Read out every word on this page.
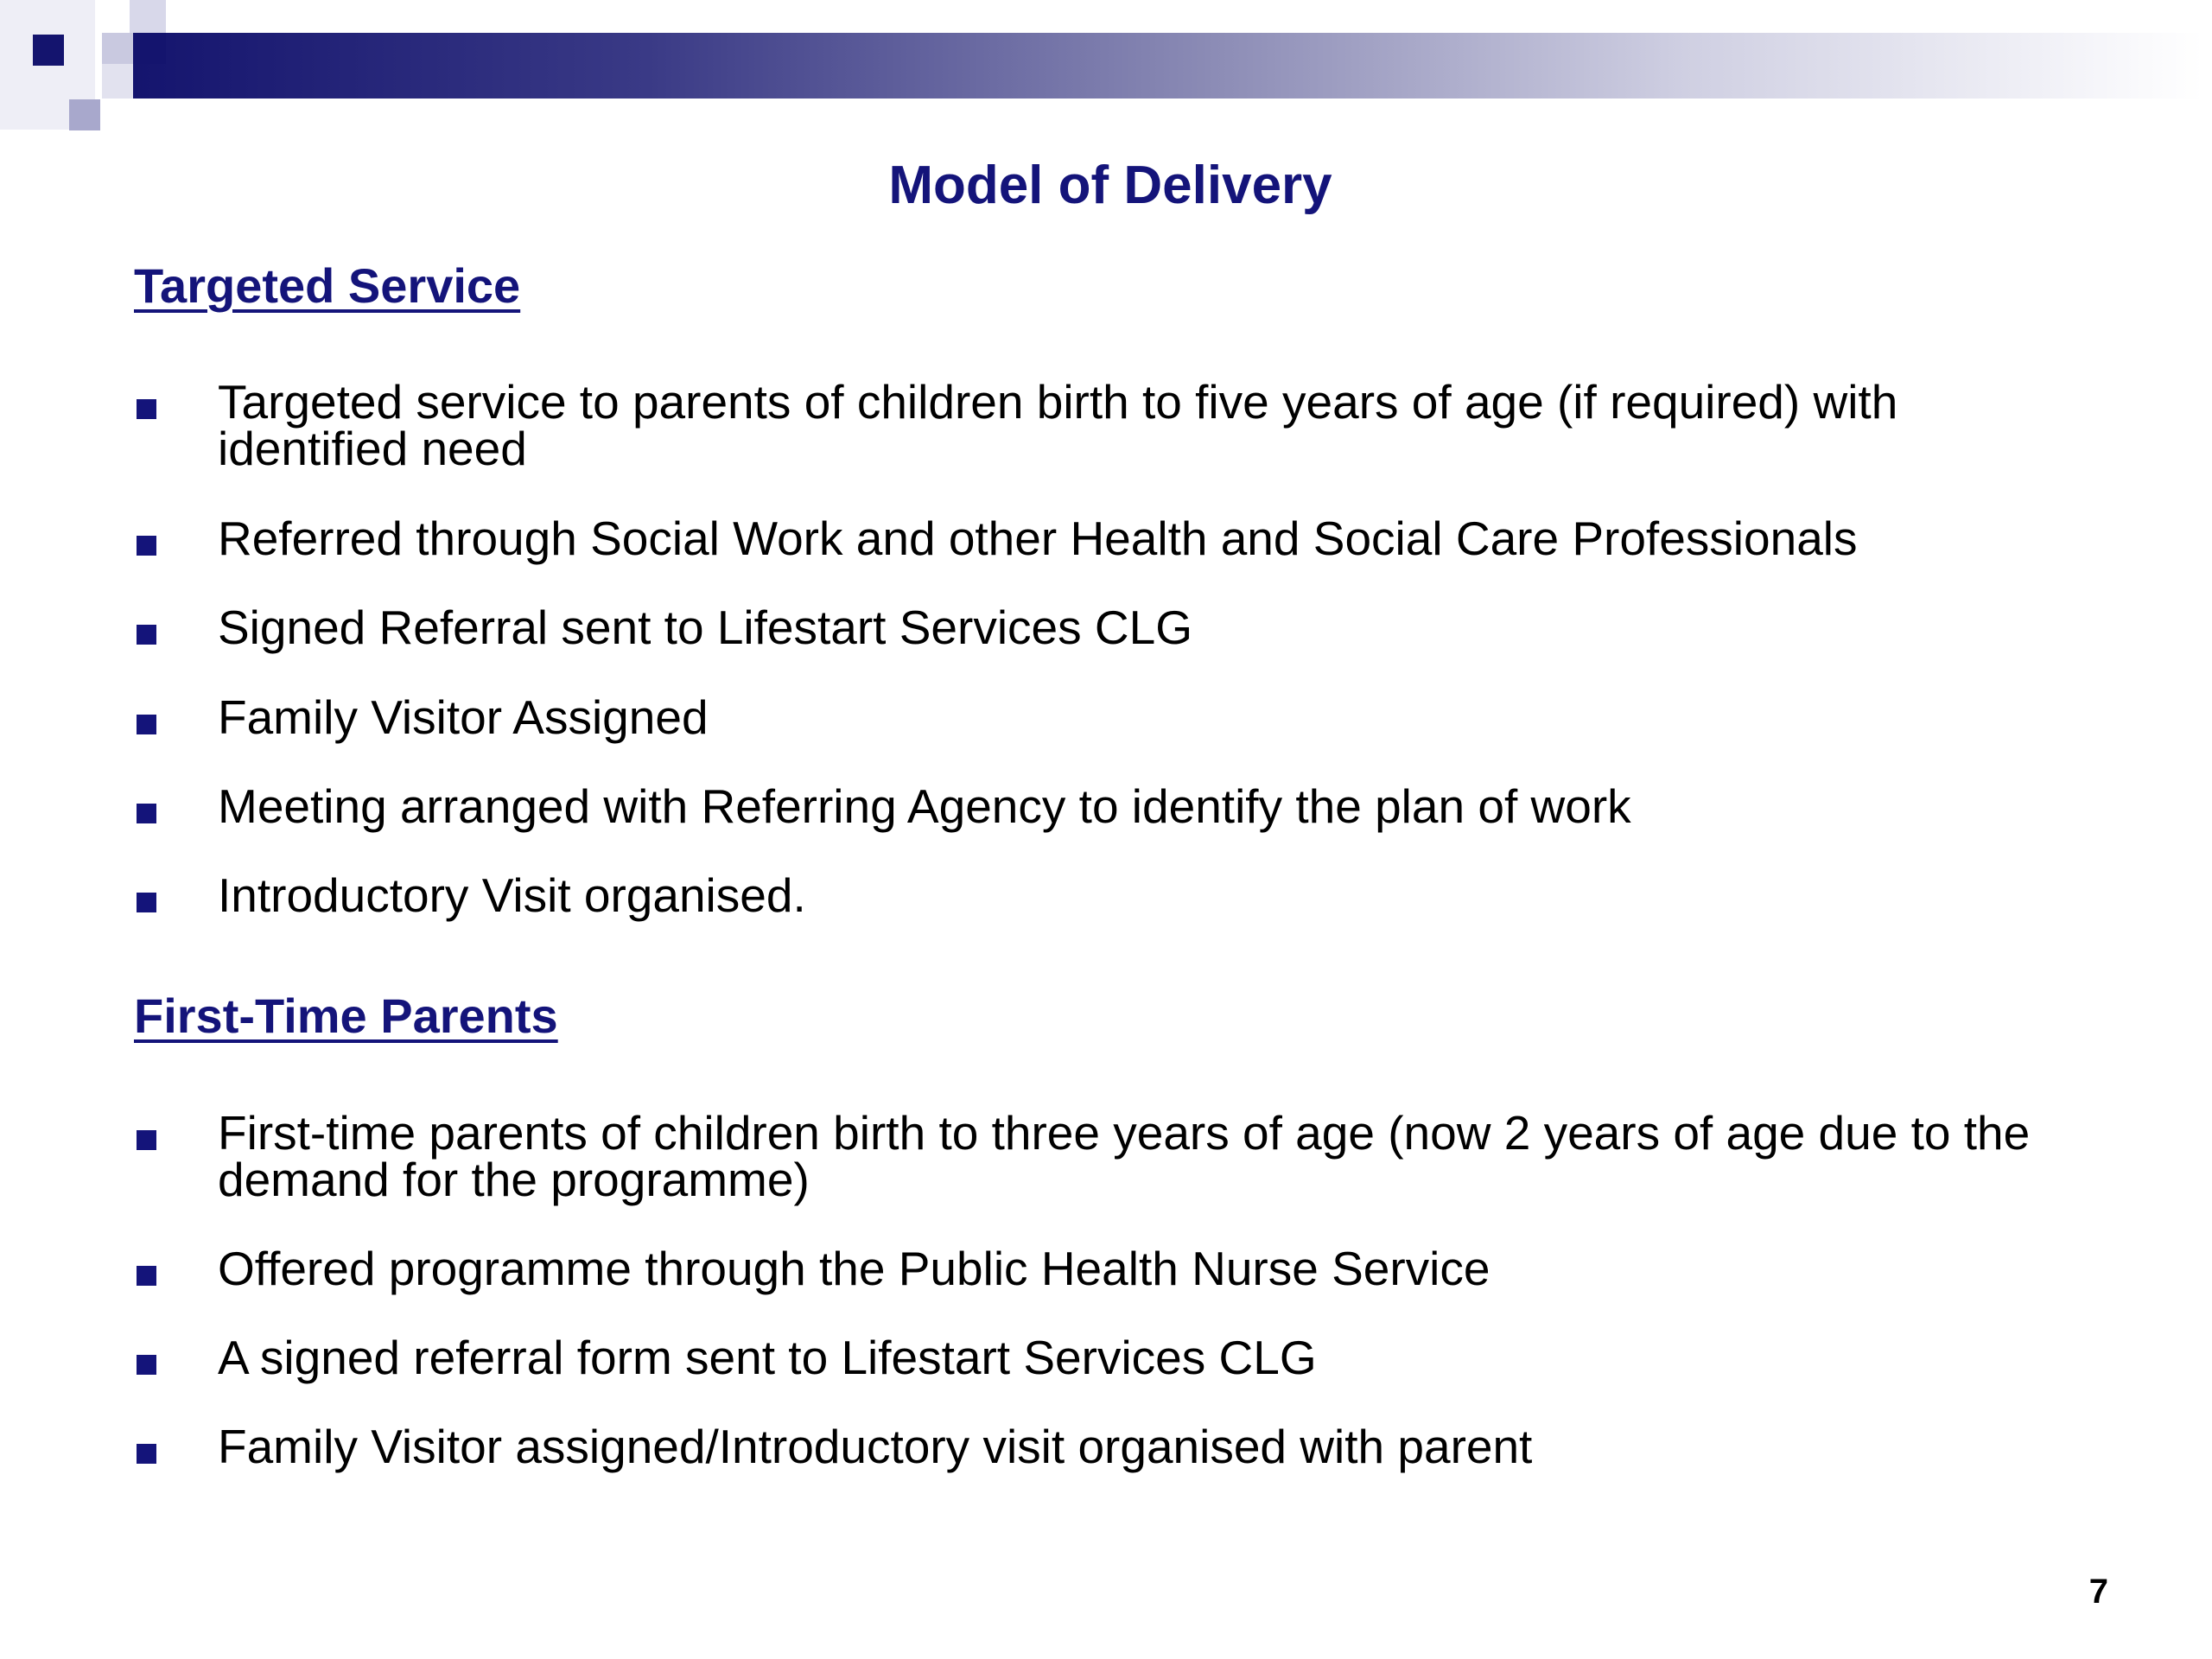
Model of Delivery
Targeted Service

Targeted service to parents of children birth to five years of age (if required) with identified need

Referred through Social Work and other Health and Social Care Professionals

Signed Referral sent to Lifestart Services CLG

Family Visitor Assigned

Meeting arranged with Referring Agency to identify the plan of work

Introductory Visit organised.

First-Time Parents

First-time parents of children birth to three years of age (now 2 years of age due to the demand for the programme)

Offered programme through the Public Health Nurse Service

A signed referral form sent to Lifestart Services CLG

Family Visitor assigned/Introductory visit organised with parent

7
